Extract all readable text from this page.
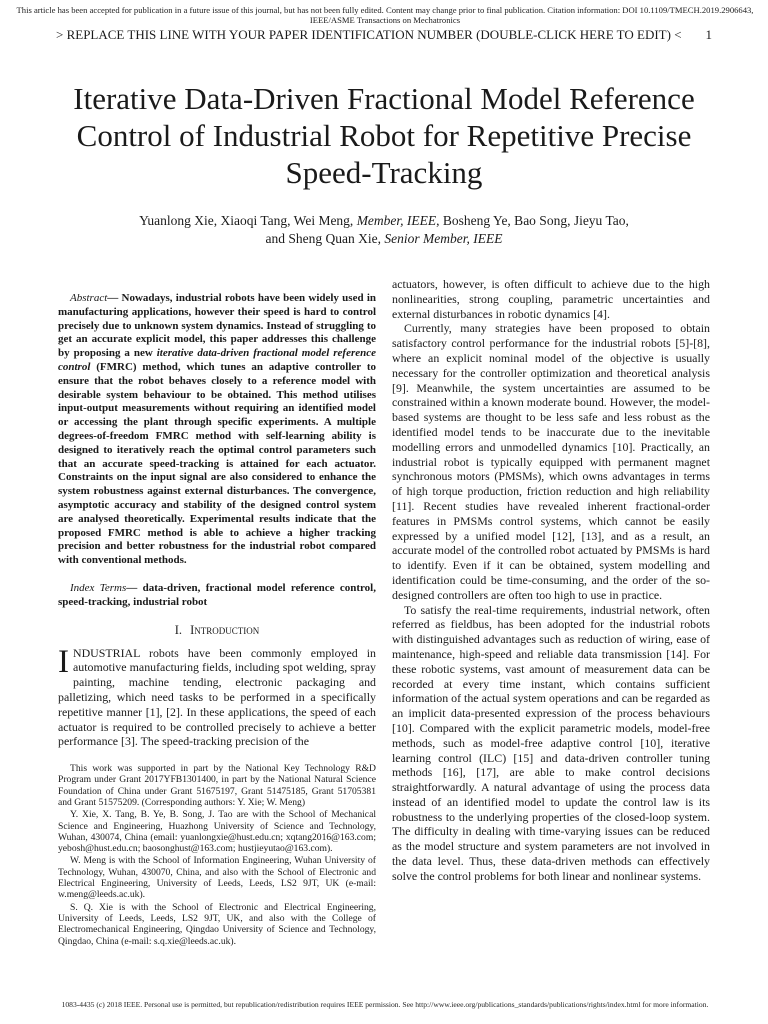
This article has been accepted for publication in a future issue of this journal, but has not been fully edited. Content may change prior to final publication. Citation information: DOI 10.1109/TMECH.2019.2906643, IEEE/ASME Transactions on Mechatronics
> REPLACE THIS LINE WITH YOUR PAPER IDENTIFICATION NUMBER (DOUBLE-CLICK HERE TO EDIT) < 1
Iterative Data-Driven Fractional Model Reference Control of Industrial Robot for Repetitive Precise Speed-Tracking
Yuanlong Xie, Xiaoqi Tang, Wei Meng, Member, IEEE, Bosheng Ye, Bao Song, Jieyu Tao,
and Sheng Quan Xie, Senior Member, IEEE

Abstract— Nowadays, industrial robots have been widely used in manufacturing applications, however their speed is hard to control precisely due to unknown system dynamics. Instead of struggling to get an accurate explicit model, this paper addresses this challenge by proposing a new iterative data-driven fractional model reference control (FMRC) method, which tunes an adaptive controller to ensure that the robot behaves closely to a reference model with desirable system behaviour to be obtained. This method utilises input-output measurements without requiring an identified model or accessing the plant through specific experiments. A multiple degrees-of-freedom FMRC method with self-learning ability is designed to iteratively reach the optimal control parameters such that an accurate speed-tracking is attained for each actuator. Constraints on the input signal are also considered to enhance the system robustness against external disturbances. The convergence, asymptotic accuracy and stability of the designed control system are analysed theoretically. Experimental results indicate that the proposed FMRC method is able to achieve a higher tracking precision and better robustness for the industrial robot compared with conventional methods.

Index Terms— data-driven, fractional model reference control, speed-tracking, industrial robot

I. Introduction

INDUSTRIAL robots have been commonly employed in automotive manufacturing fields, including spot welding, spray painting, machine tending, electronic packaging and palletizing, which need tasks to be performed in a specifically repetitive manner [1], [2]. In these applications, the speed of each actuator is required to be controlled precisely to achieve a better performance [3]. The speed-tracking precision of the

This work was supported in part by the National Key Technology R&D Program under Grant 2017YFB1301400, in part by the National Natural Science Foundation of China under Grant 51675197, Grant 51475185, Grant 51705381 and Grant 51575209. (Corresponding authors: Y. Xie; W. Meng)

Y. Xie, X. Tang, B. Ye, B. Song, J. Tao are with the School of Mechanical Science and Engineering, Huazhong University of Science and Technology, Wuhan, 430074, China (email: yuanlongxie@hust.edu.cn; xqtang2016@163.com; yebosh@hust.edu.cn; baosonghust@163.com; hustjieyutao@163.com).

W. Meng is with the School of Information Engineering, Wuhan University of Technology, Wuhan, 430070, China, and also with the School of Electronic and Electrical Engineering, University of Leeds, Leeds, LS2 9JT, UK (e-mail: w.meng@leeds.ac.uk).

S. Q. Xie is with the School of Electronic and Electrical Engineering, University of Leeds, Leeds, LS2 9JT, UK, and also with the College of Electromechanical Engineering, Qingdao University of Science and Technology, Qingdao, China (e-mail: s.q.xie@leeds.ac.uk).

actuators, however, is often difficult to achieve due to the high nonlinearities, strong coupling, parametric uncertainties and external disturbances in robotic dynamics [4].

Currently, many strategies have been proposed to obtain satisfactory control performance for the industrial robots [5]-[8], where an explicit nominal model of the objective is usually necessary for the controller optimization and theoretical analysis [9]. Meanwhile, the system uncertainties are assumed to be constrained within a known moderate bound. However, the model-based systems are thought to be less safe and less robust as the identified model tends to be inaccurate due to the inevitable modelling errors and unmodelled dynamics [10]. Practically, an industrial robot is typically equipped with permanent magnet synchronous motors (PMSMs), which owns advantages in terms of high torque production, friction reduction and high reliability [11]. Recent studies have revealed inherent fractional-order features in PMSMs control systems, which cannot be easily expressed by a unified model [12], [13], and as a result, an accurate model of the controlled robot actuated by PMSMs is hard to identify. Even if it can be obtained, system modelling and identification could be time-consuming, and the order of the so-designed controllers are often too high to use in practice.

To satisfy the real-time requirements, industrial network, often referred as fieldbus, has been adopted for the industrial robots with distinguished advantages such as reduction of wiring, ease of maintenance, high-speed and reliable data transmission [14]. For these robotic systems, vast amount of measurement data can be recorded at every time instant, which contains sufficient information of the actual system operations and can be regarded as an implicit data-presented expression of the process behaviours [10]. Compared with the explicit parametric models, model-free methods, such as model-free adaptive control [10], iterative learning control (ILC) [15] and data-driven controller tuning methods [16], [17], are able to make control decisions straightforwardly. A natural advantage of using the process data instead of an identified model to update the control law is its robustness to the underlying properties of the closed-loop system. The difficulty in dealing with time-varying issues can be reduced as the model structure and system parameters are not involved in the data level. Thus, these data-driven methods can effectively solve the control problems for both linear and nonlinear systems.

1083-4435 (c) 2018 IEEE. Personal use is permitted, but republication/redistribution requires IEEE permission. See http://www.ieee.org/publications_standards/publications/rights/index.html for more information.
